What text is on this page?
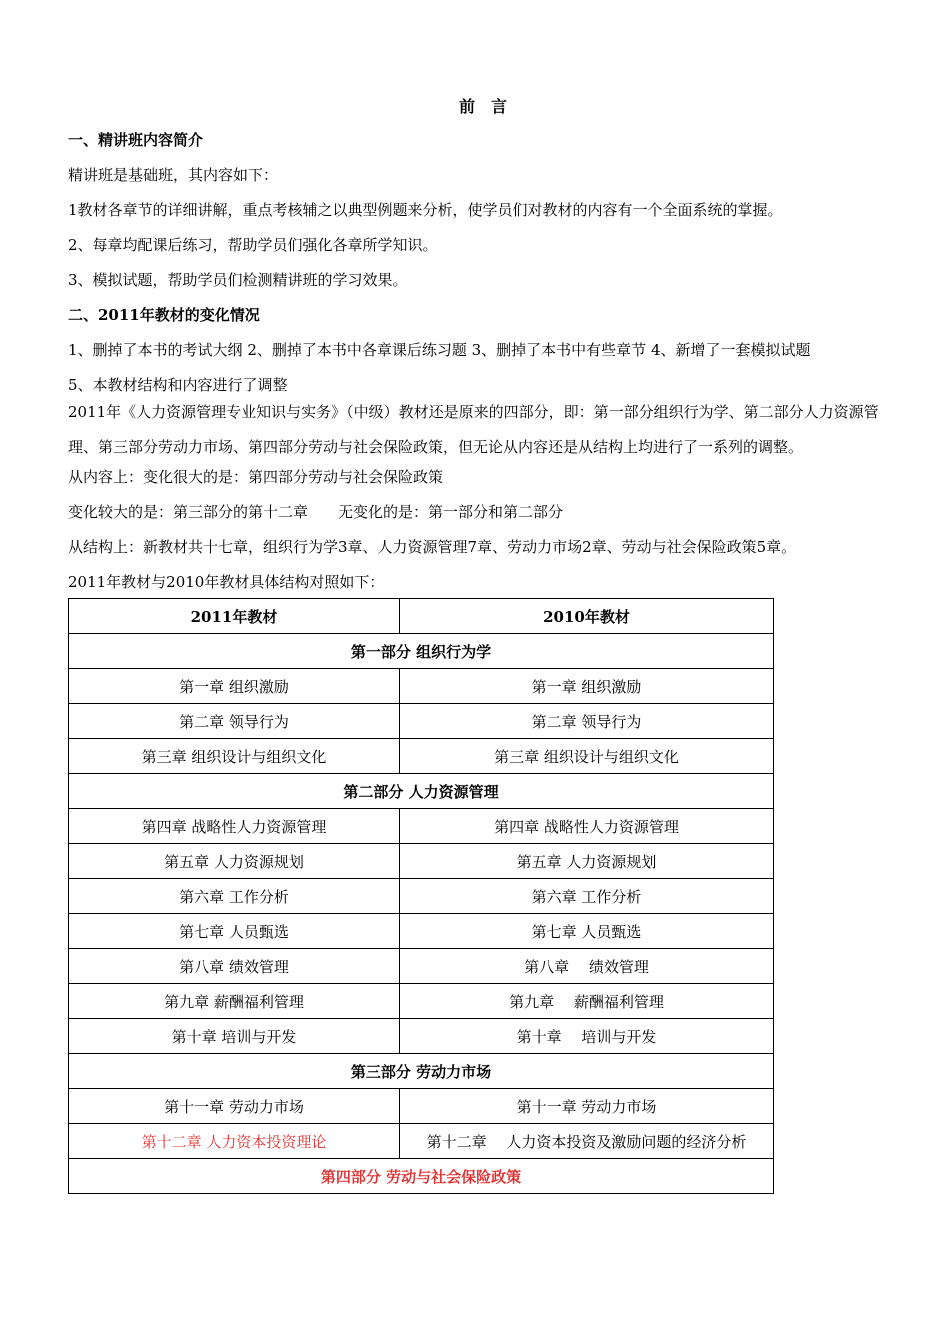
前　言
一、精讲班内容简介
精讲班是基础班，其内容如下：
1教材各章节的详细讲解，重点考核辅之以典型例题来分析，使学员们对教材的内容有一个全面系统的掌握。
2、每章均配课后练习，帮助学员们强化各章所学知识。
3、模拟试题，帮助学员们检测精讲班的学习效果。
二、2011年教材的变化情况
1、删掉了本书的考试大纲 2、删掉了本书中各章课后练习题 3、删掉了本书中有些章节 4、新增了一套模拟试题
5、本教材结构和内容进行了调整
2011年《人力资源管理专业知识与实务》（中级）教材还是原来的四部分，即：第一部分组织行为学、第二部分人力资源管理、第三部分劳动力市场、第四部分劳动与社会保险政策，但无论从内容还是从结构上均进行了一系列的调整。
从内容上：变化很大的是：第四部分劳动与社会保险政策
变化较大的是：第三部分的第十二章　　无变化的是：第一部分和第二部分
从结构上：新教材共十七章，组织行为学3章、人力资源管理7章、劳动力市场2章、劳动与社会保险政策5章。
2011年教材与2010年教材具体结构对照如下：
2011年教材	2010年教材
第一部分 组织行为学	
第一章 组织激励	第一章 组织激励
第二章 领导行为	第二章 领导行为
第三章 组织设计与组织文化	第三章 组织设计与组织文化
第二部分 人力资源管理	
第四章 战略性人力资源管理	第四章 战略性人力资源管理
第五章 人力资源规划	第五章 人力资源规划
第六章 工作分析	第六章 工作分析
第七章 人员甄选	第七章 人员甄选
第八章 绩效管理	第八章　 绩效管理
第九章 薪酬福利管理	第九章　 薪酬福利管理
第十章 培训与开发	第十章　 培训与开发
第三部分 劳动力市场	
第十一章 劳动力市场	第十一章 劳动力市场
第十二章 人力资本投资理论	第十二章　 人力资本投资及激励问题的经济分析
第四部分 劳动与社会保险政策	
